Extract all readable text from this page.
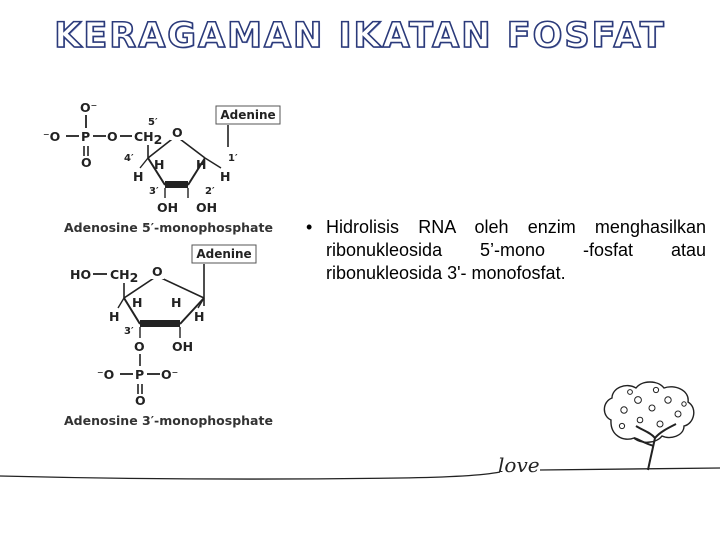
KERAGAMAN IKATAN FOSFAT
O⁻
⁻O P O CH2
O
5′
O
4′	1′
3′	2′
H	H
H	H
OH OH
Adenine
Adenosine 5′-monophosphate
Adenine
HO CH2 O
H H
H	H
3′
O OH
⁻O P O⁻
O
Adenosine 3′-monophosphate
• Hidrolisis RNA oleh enzim menghasilkan ribonukleosida 5’-mono -fosfat atau ribonukleosida 3'- monofosfat.
love
